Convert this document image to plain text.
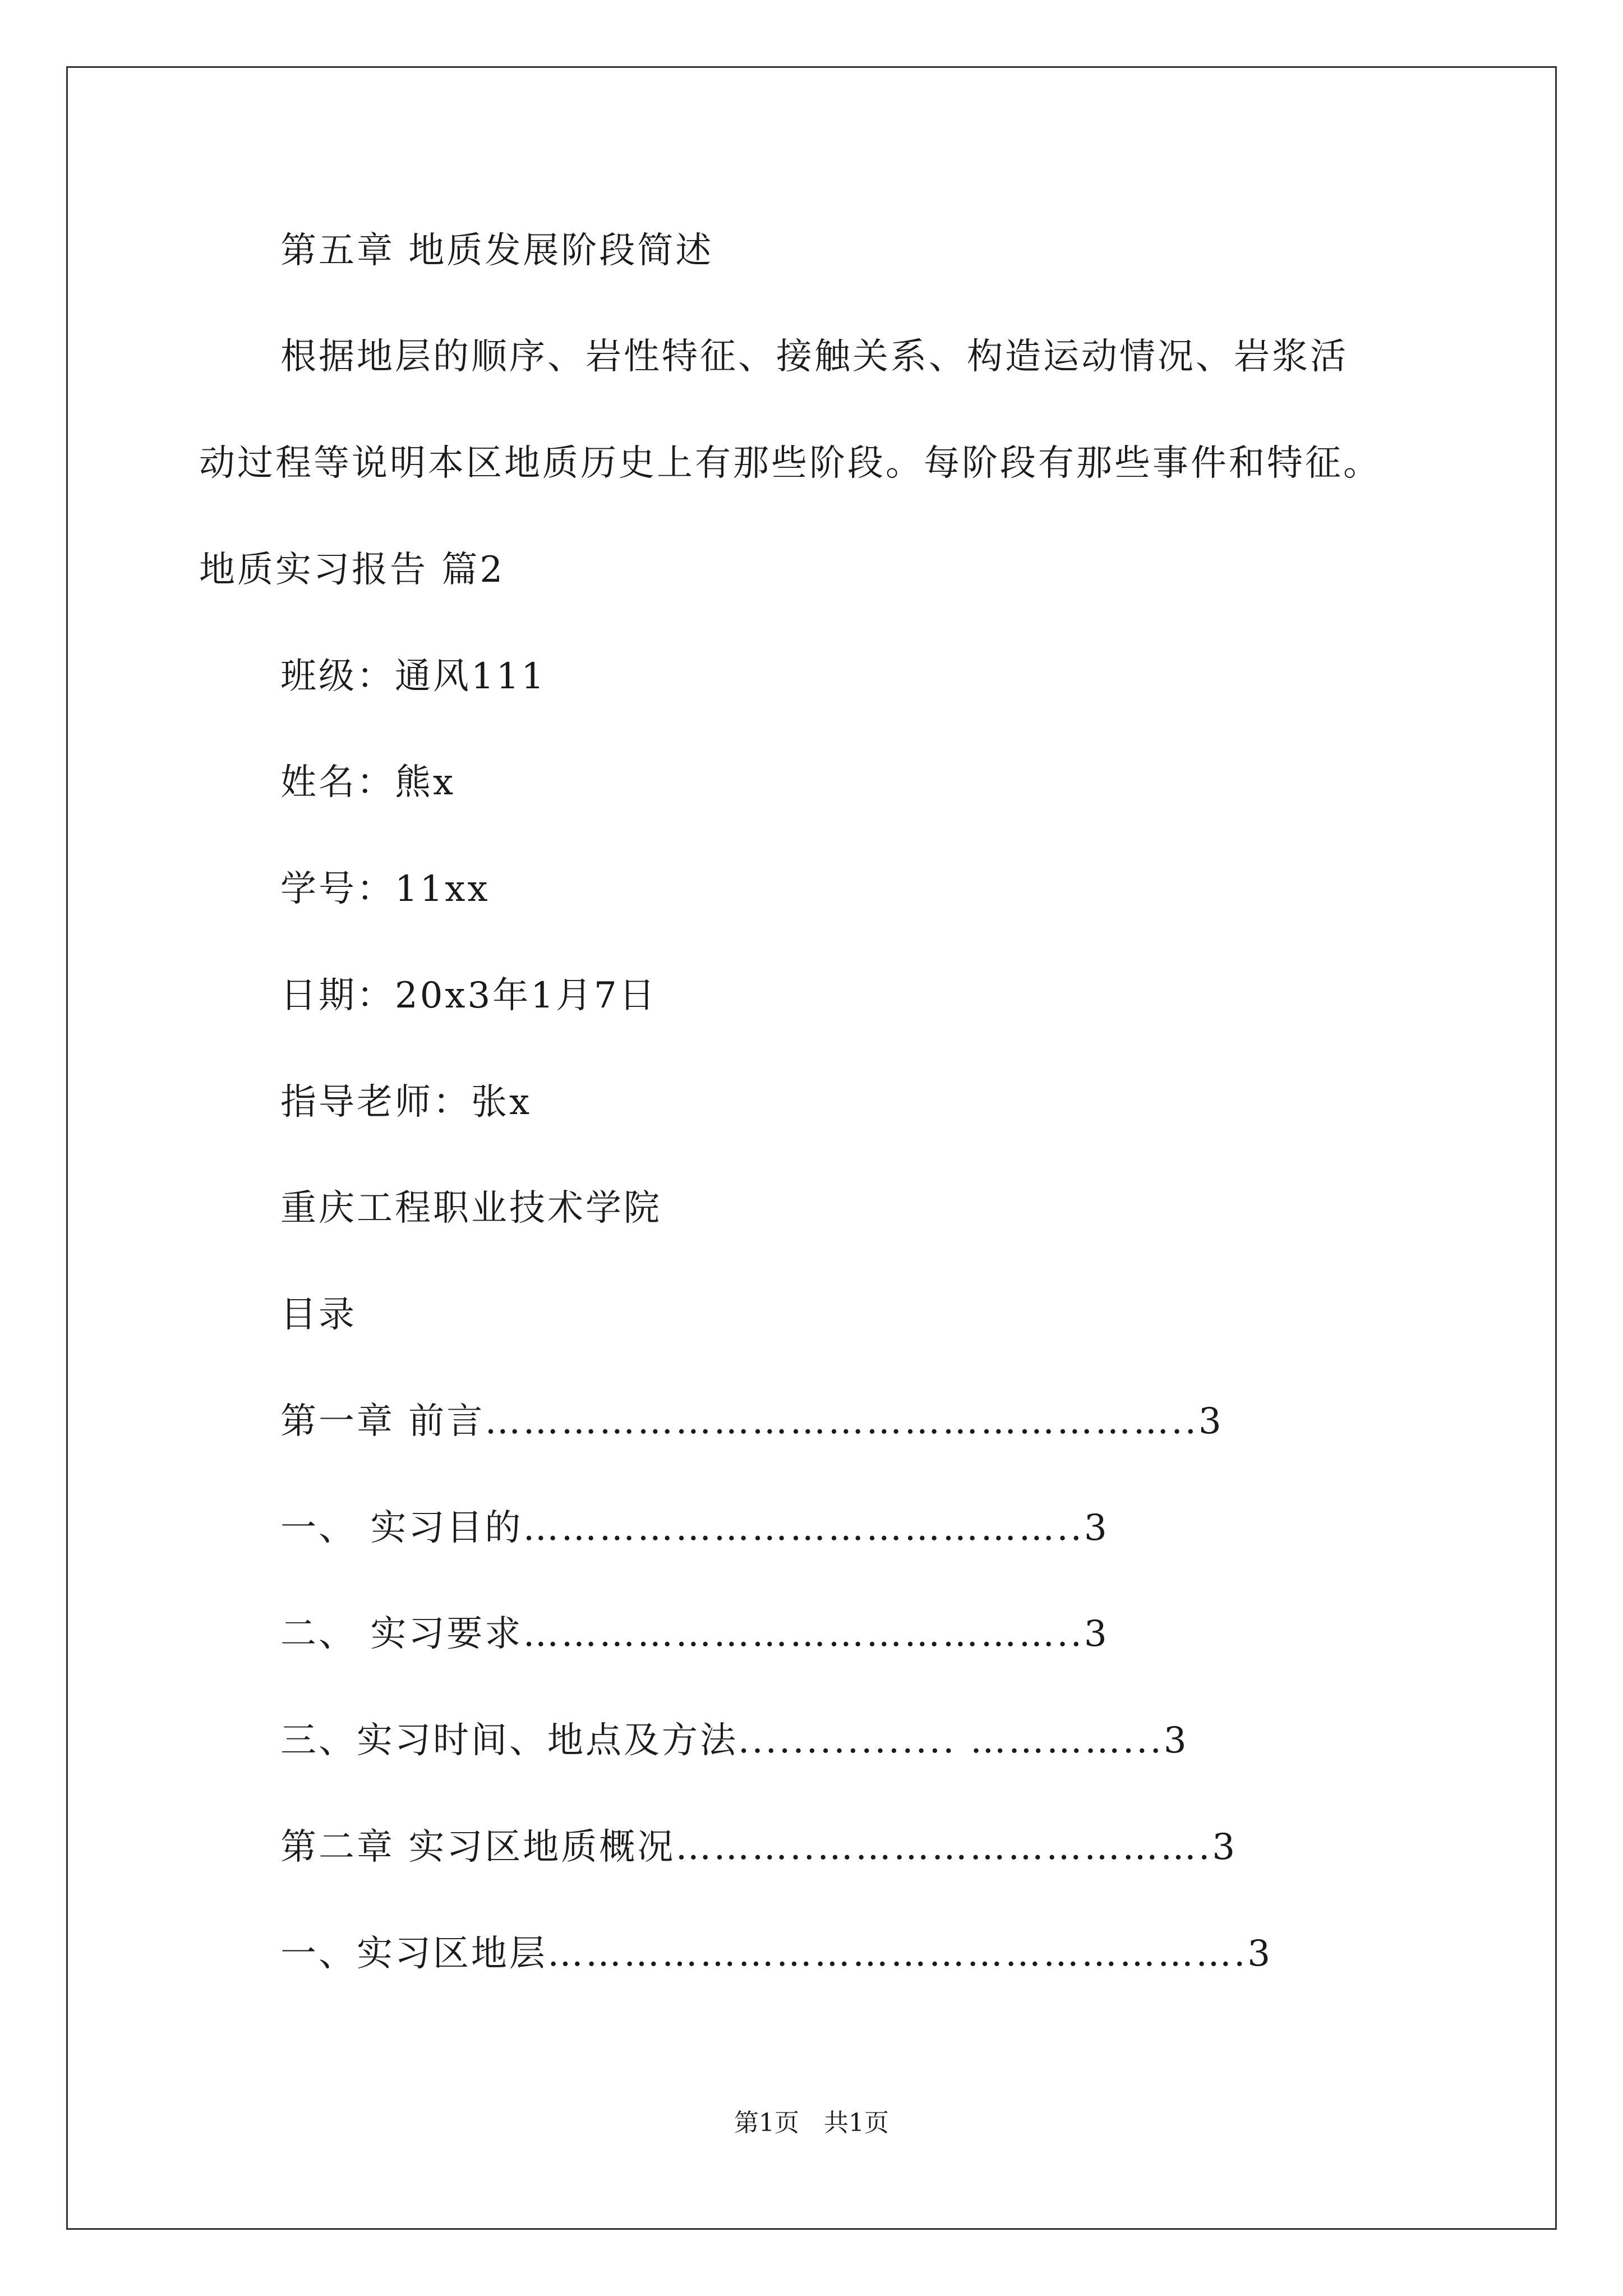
第五章 地质发展阶段简述
根据地层的顺序、岩性特征、接触关系、构造运动情况、岩浆活
动过程等说明本区地质历史上有那些阶段。每阶段有那些事件和特征。
地质实习报告 篇2
班级：通风111
姓名：熊x
学号：11xx
日期：20x3年1月7日
指导老师：张x
重庆工程职业技术学院
目录
第一章 前言………………………………………………..3
一、 实习目的……………………………………..3
二、 实习要求……………………………………..3
三、实习时间、地点及方法................ …………...3
第二章 实习区地质概况………..………………………….3
一、实习区地层……………………………………………….3
第1页　共1页
